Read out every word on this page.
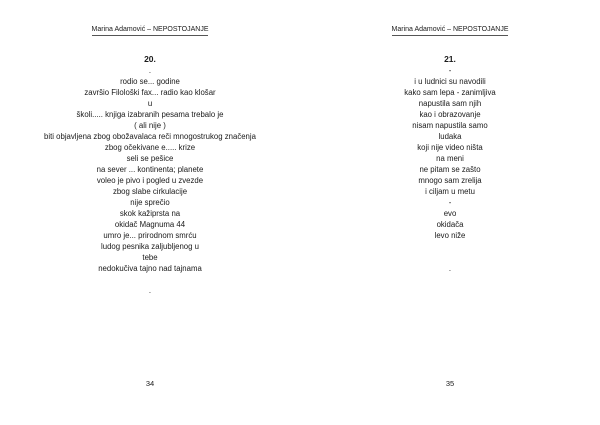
Marina Adamović – NEPOSTOJANJE
20.
.
rodio se... godine
završio Filološki fax... radio kao klošar
u
školi..... knjiga izabranih pesama trebalo je
( ali nije )
biti objavljena zbog obožavalaca reči mnogostrukog značenja
zbog očekivane e..... krize
seli se pešice
na sever ... kontinenta; planete
voleo je pivo i pogled u zvezde
zbog slabe cirkulacije
nije sprečio
skok kažiprsta na
okidač Magnuma 44
umro je... prirodnom smrću
ludog pesnika zaljubljenog u
tebe
nedokučiva tajno nad tajnama

.
34
Marina Adamović – NEPOSTOJANJE
21.
-
i u ludnici su navodili
kako sam lepa - zanimljiva
napustila sam njih
kao i obrazovanje
nisam napustila samo
ludaka
koji nije video ništa
na meni
ne pitam se zašto
mnogo sam zrelija
i ciljam u metu
-
evo
okidača
levo niže

.
35
